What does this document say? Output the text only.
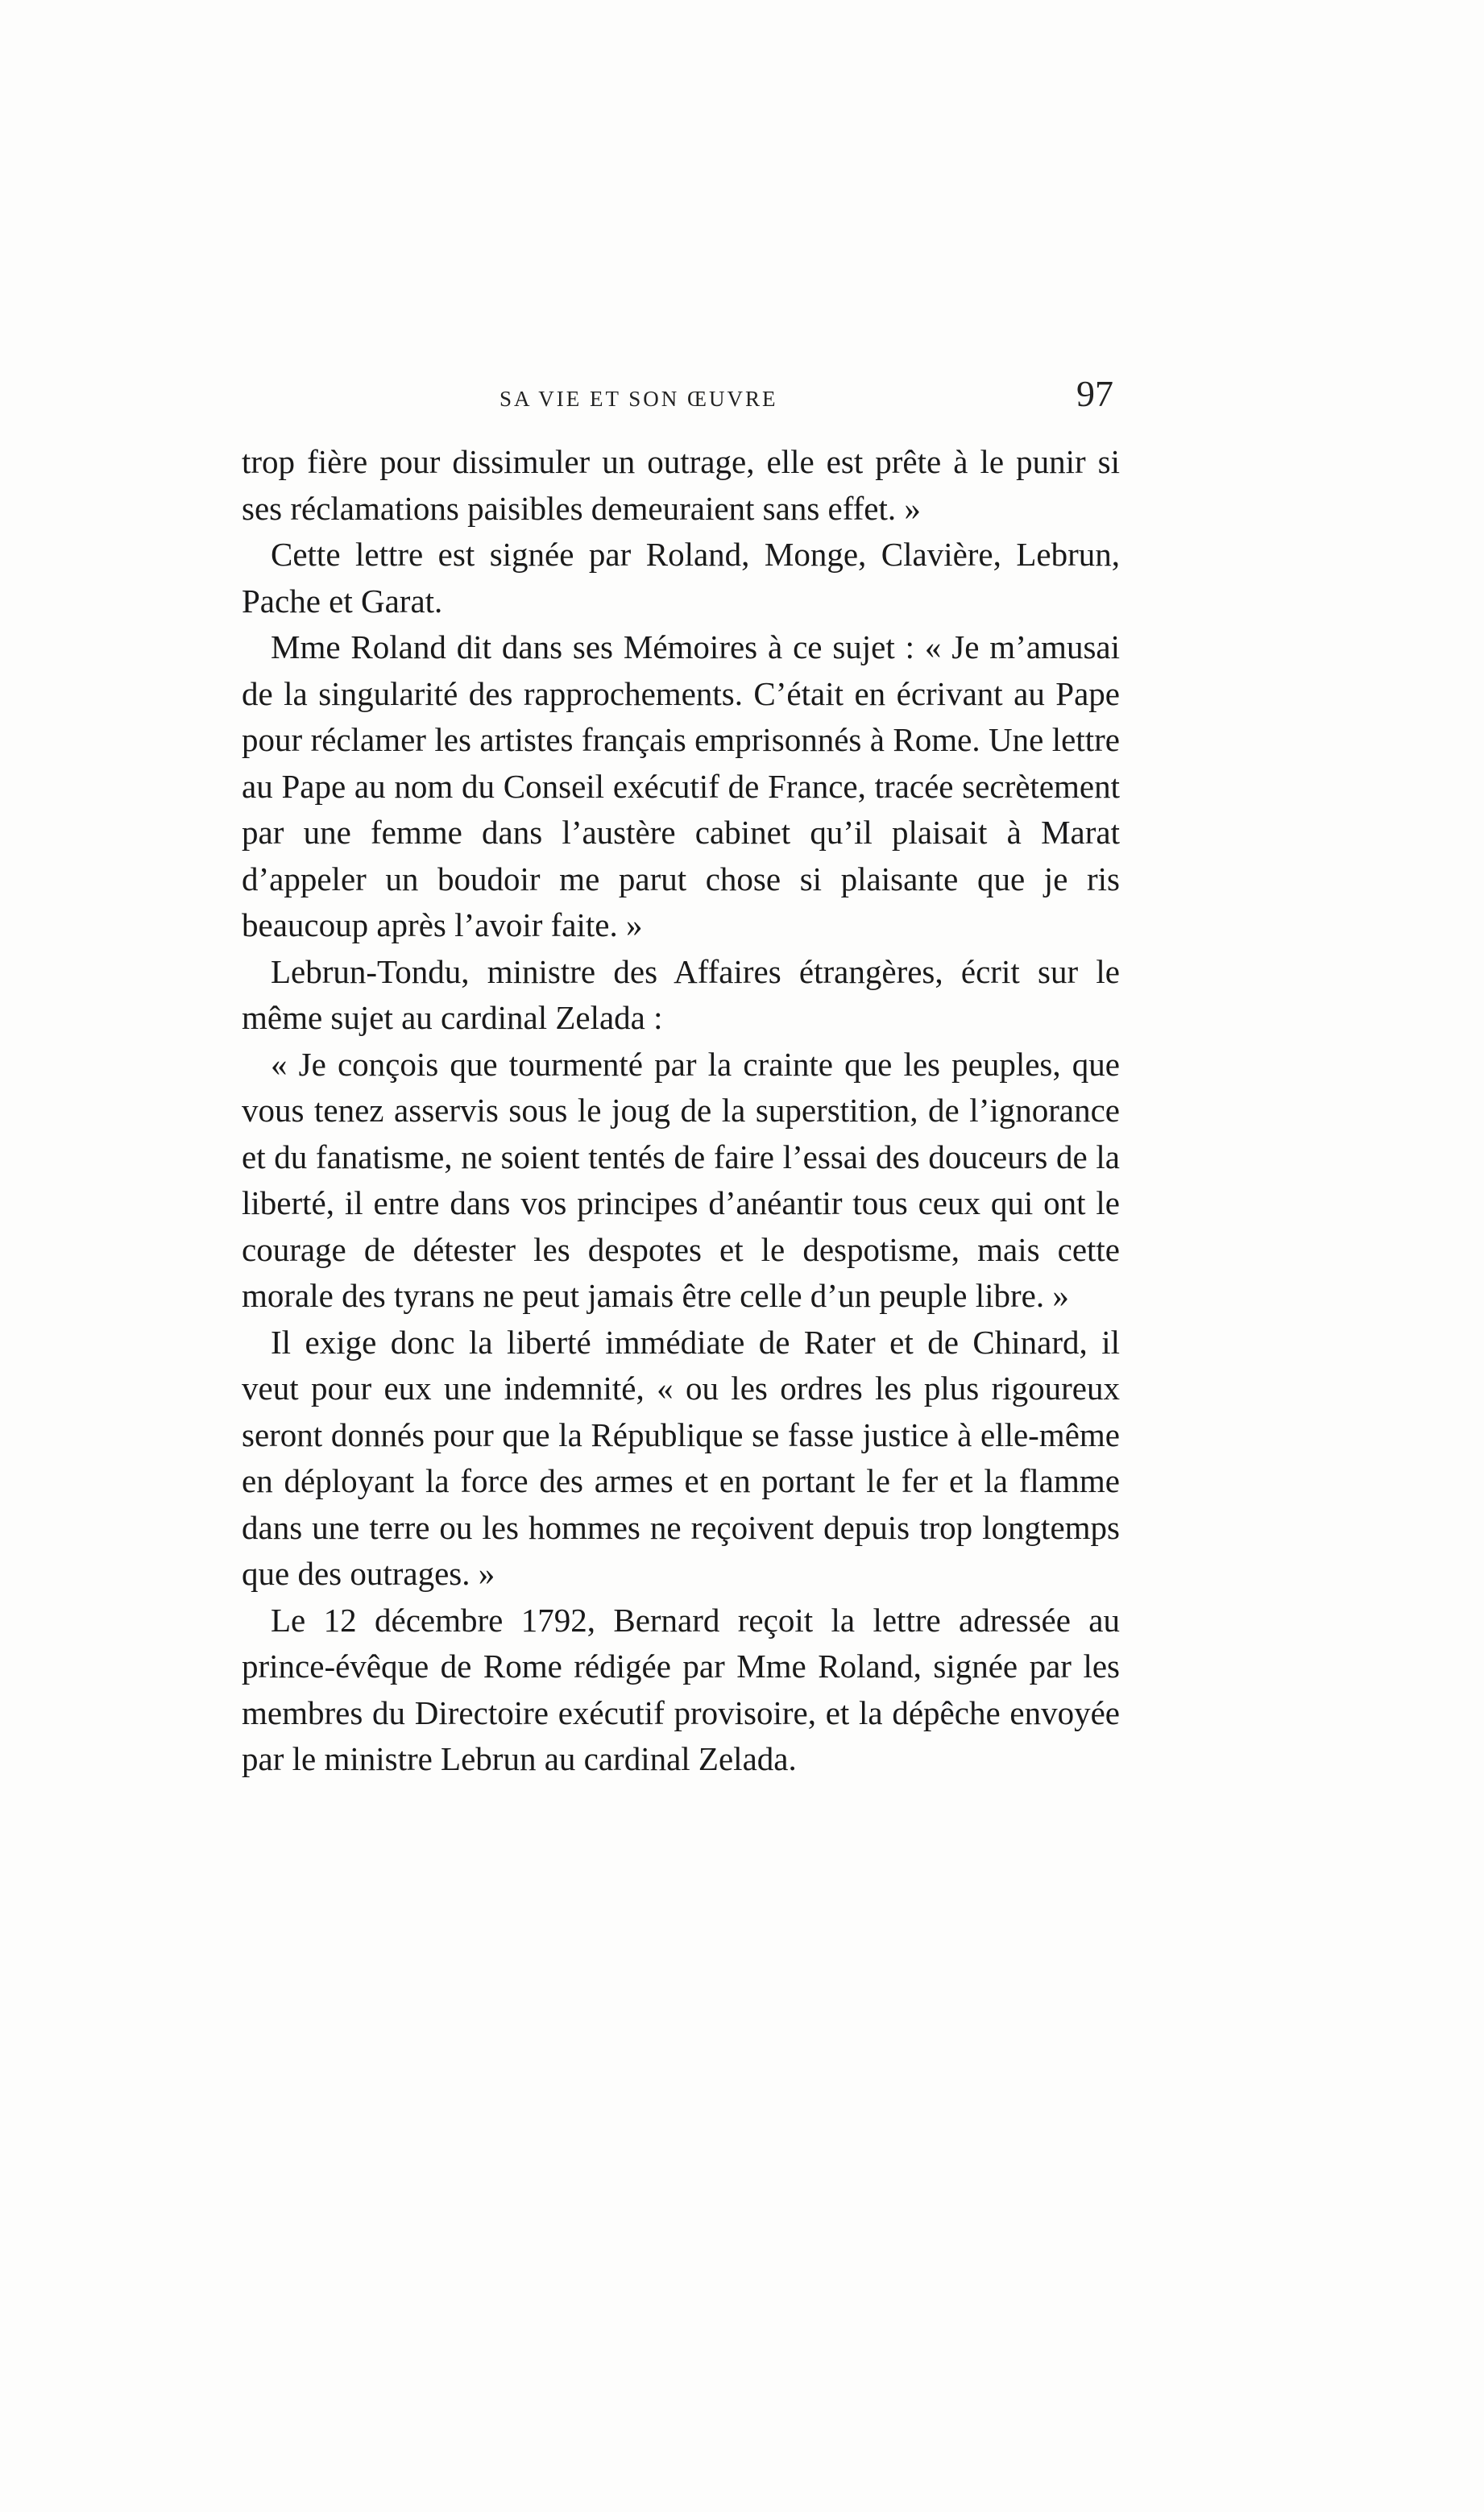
SA VIE ET SON ŒUVRE	97

trop fière pour dissimuler un outrage, elle est prête à le punir si ses réclamations paisibles demeuraient sans effet. »

Cette lettre est signée par Roland, Monge, Clavière, Lebrun, Pache et Garat.

Mme Roland dit dans ses Mémoires à ce sujet : « Je m’amusai de la singularité des rapprochements. C’était en écrivant au Pape pour réclamer les artistes français emprisonnés à Rome. Une lettre au Pape au nom du Conseil exécutif de France, tracée secrètement par une femme dans l’austère cabinet qu’il plaisait à Marat d’appeler un boudoir me parut chose si plaisante que je ris beaucoup après l’avoir faite. »

Lebrun-Tondu, ministre des Affaires étrangères, écrit sur le même sujet au cardinal Zelada :

« Je conçois que tourmenté par la crainte que les peuples, que vous tenez asservis sous le joug de la superstition, de l’ignorance et du fanatisme, ne soient tentés de faire l’essai des douceurs de la liberté, il entre dans vos principes d’anéantir tous ceux qui ont le courage de détester les despotes et le despotisme, mais cette morale des tyrans ne peut jamais être celle d’un peuple libre. »

Il exige donc la liberté immédiate de Rater et de Chinard, il veut pour eux une indemnité, « ou les ordres les plus rigoureux seront donnés pour que la République se fasse justice à elle-même en déployant la force des armes et en portant le fer et la flamme dans une terre ou les hommes ne reçoivent depuis trop longtemps que des outrages. »

Le 12 décembre 1792, Bernard reçoit la lettre adressée au prince-évêque de Rome rédigée par Mme Roland, signée par les membres du Directoire exécutif provisoire, et la dépêche envoyée par le ministre Lebrun au cardinal Zelada.
